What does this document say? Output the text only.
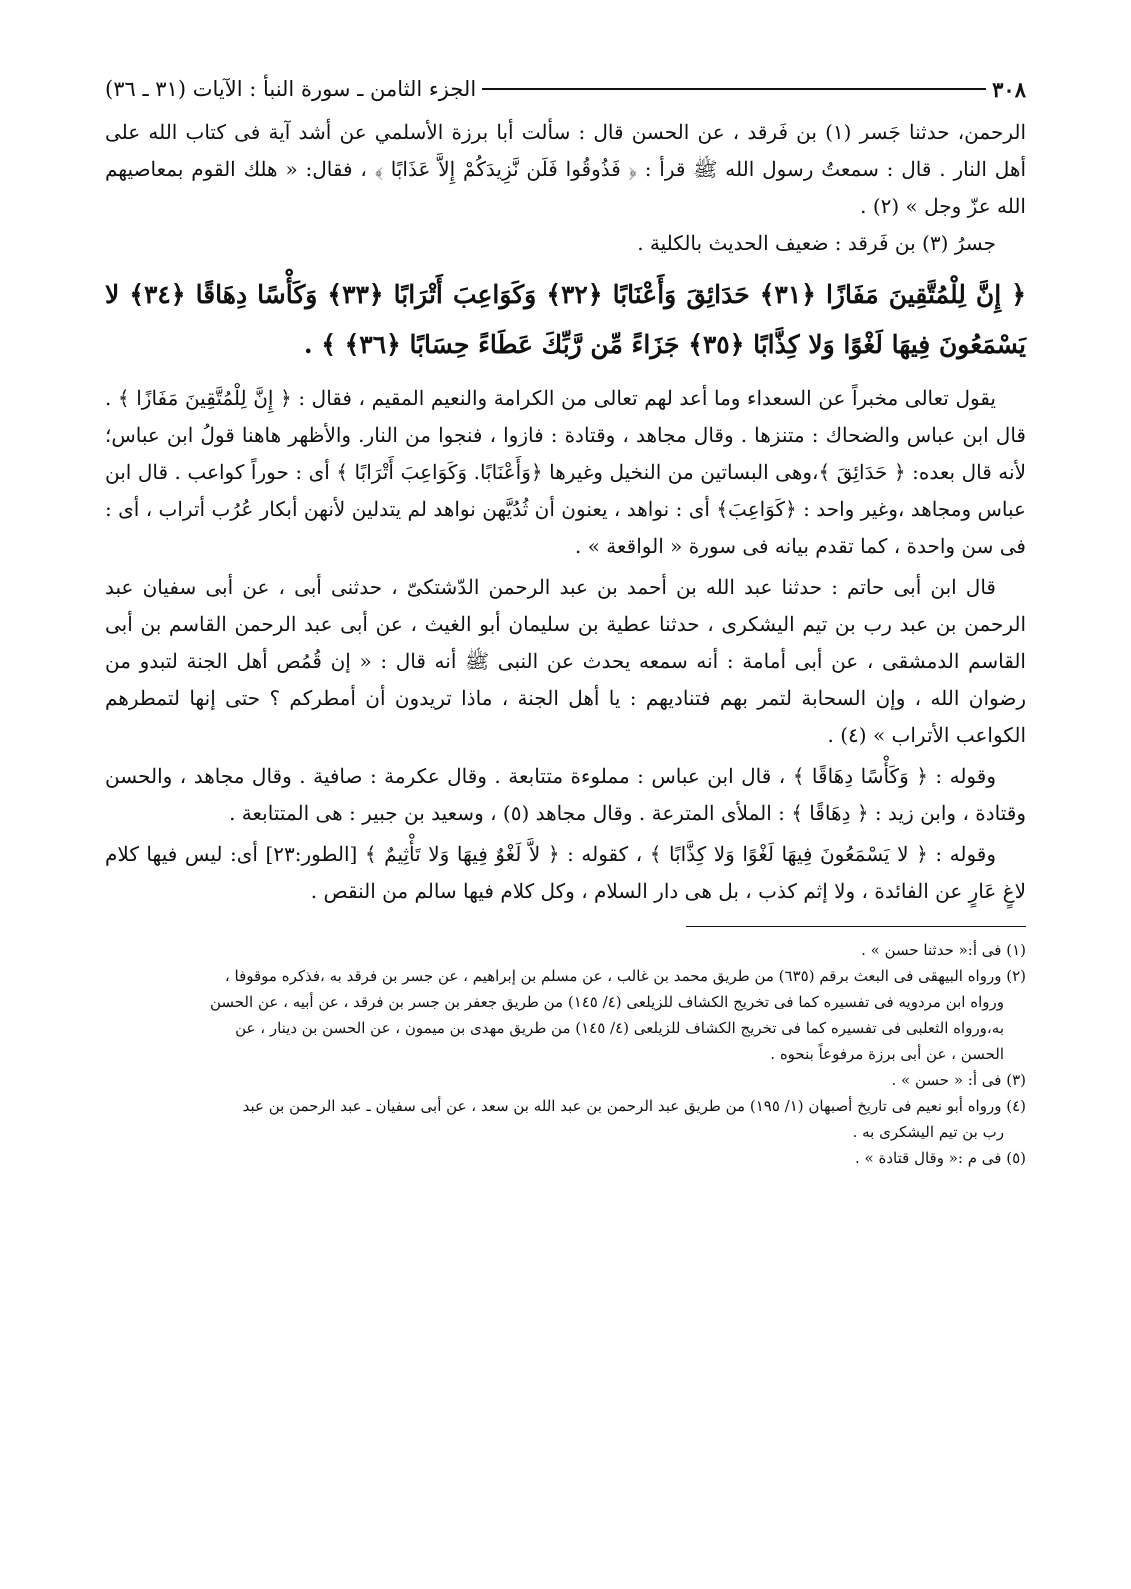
٣٠٨
الجزء الثامن ـ سورة النبأ : الآيات (٣١ ـ ٣٦)

الرحمن، حدثنا جَسر (١) بن فَرقد ، عن الحسن قال : سألت أبا برزة الأسلمي عن أشد آية فى كتاب الله على أهل النار . قال : سمعتُ رسول الله ﷺ قرأ : ﴿ فَذُوقُوا فَلَن نَّزِيدَكُمْ إِلاَّ عَذَابًا ﴾ ، فقال: « هلك القوم بمعاصيهم الله عزّ وجل » (٢) .

جسرُ (٣) بن فَرقد : ضعيف الحديث بالكلية .

﴿ إِنَّ لِلْمُتَّقِينَ مَفَازًا ﴿٣١﴾ حَدَائِقَ وَأَعْنَابًا ﴿٣٢﴾ وَكَوَاعِبَ أَتْرَابًا ﴿٣٣﴾ وَكَأْسًا دِهَاقًا ﴿٣٤﴾ لا يَسْمَعُونَ فِيهَا لَغْوًا وَلا كِذَّابًا ﴿٣٥﴾ جَزَاءً مِّن رَّبِّكَ عَطَاءً حِسَابًا ﴿٣٦﴾ ﴾ .

يقول تعالى مخبراً عن السعداء وما أعد لهم تعالى من الكرامة والنعيم المقيم ، فقال : ﴿ إِنَّ لِلْمُتَّقِينَ مَفَازًا ﴾ . قال ابن عباس والضحاك : متنزها . وقال مجاهد ، وقتادة : فازوا ، فنجوا من النار. والأظهر هاهنا قولُ ابن عباس؛ لأنه قال بعده: ﴿ حَدَائِقَ ﴾،وهى البساتين من النخيل وغيرها ﴿وَأَعْنَابًا. وَكَوَاعِبَ أَتْرَابًا ﴾ أى : حوراً كواعب . قال ابن عباس ومجاهد ،وغير واحد : ﴿كَوَاعِبَ﴾ أى : نواهد ، يعنون أن ثُدُيَّهن نواهد لم يتدلين لأنهن أبكار عُرُب أتراب ، أى : فى سن واحدة ، كما تقدم بيانه فى سورة « الواقعة » .

قال ابن أبى حاتم : حدثنا عبد الله بن أحمد بن عبد الرحمن الدّشتكىّ ، حدثنى أبى ، عن أبى سفيان عبد الرحمن بن عبد رب بن تيم اليشكرى ، حدثنا عطية بن سليمان أبو الغيث ، عن أبى عبد الرحمن القاسم بن أبى القاسم الدمشقى ، عن أبى أمامة : أنه سمعه يحدث عن النبى ﷺ أنه قال : « إن قُمُص أهل الجنة لتبدو من رضوان الله ، وإن السحابة لتمر بهم فتناديهم : يا أهل الجنة ، ماذا تريدون أن أمطركم ؟ حتى إنها لتمطرهم الكواعب الأتراب » (٤) .

وقوله : ﴿ وَكَأْسًا دِهَاقًا ﴾ ، قال ابن عباس : مملوءة متتابعة . وقال عكرمة : صافية . وقال مجاهد ، والحسن وقتادة ، وابن زيد : ﴿ دِهَاقًا ﴾ : الملأى المترعة . وقال مجاهد (٥) ، وسعيد بن جبير : هى المتتابعة .

وقوله : ﴿ لا يَسْمَعُونَ فِيهَا لَغْوًا وَلا كِذَّابًا ﴾ ، كقوله : ﴿ لاَّ لَغْوٌ فِيهَا وَلا تَأْثِيمٌ ﴾ [الطور:٢٣] أى: ليس فيها كلام لاغٍ عَارٍ عن الفائدة ، ولا إثم كذب ، بل هى دار السلام ، وكل كلام فيها سالم من النقص .

(١) فى أ:« حدثنا حسن » .

(٢) ورواه البيهقى فى البعث برقم (٦٣٥) من طريق محمد بن غالب ، عن مسلم بن إبراهيم ، عن جسر بن فرقد به ،فذكره موقوفا ،

ورواه ابن مردويه فى تفسيره كما فى تخريج الكشاف للزيلعى (٤/ ١٤٥) من طريق جعفر بن جسر بن فرقد ، عن أبيه ، عن الحسن

به،ورواه الثعلبى فى تفسيره كما فى تخريج الكشاف للزيلعى (٤/ ١٤٥) من طريق مهدى بن ميمون ، عن الحسن بن دينار ، عن

الحسن ، عن أبى برزة مرفوعاً بنحوه .

(٣) فى أ: « حسن » .

(٤) ورواه أبو نعيم فى تاريخ أصبهان (١/ ١٩٥) من طريق عبد الرحمن بن عبد الله بن سعد ، عن أبى سفيان ـ عبد الرحمن بن عبد

رب بن تيم اليشكرى به .

(٥) فى م :« وقال قتادة » .
